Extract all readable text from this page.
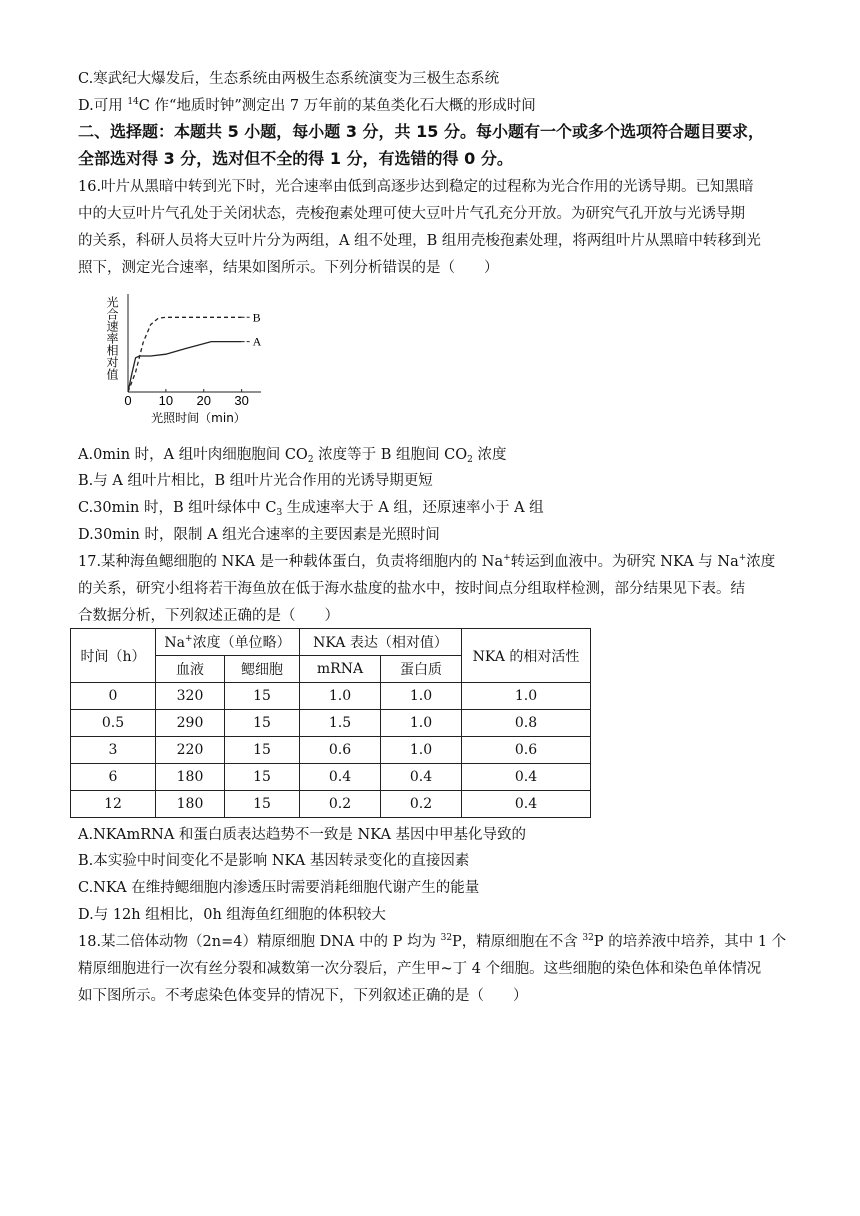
C.寒武纪大爆发后，生态系统由两极生态系统演变为三极生态系统
D.可用 $^{14}$C 作“地质时钟”测定出 7 万年前的某鱼类化石大概的形成时间
二、选择题：本题共 5 小题，每小题 3 分，共 15 分。每小题有一个或多个选项符合题目要求，
全部选对得 3 分，选对但不全的得 1 分，有选错的得 0 分。
16.叶片从黑暗中转到光下时，光合速率由低到高逐步达到稳定的过程称为光合作用的光诱导期。已知黑暗
中的大豆叶片气孔处于关闭状态，壳梭孢素处理可使大豆叶片气孔充分开放。为研究气孔开放与光诱导期
的关系，科研人员将大豆叶片分为两组，A 组不处理，B 组用壳梭孢素处理，将两组叶片从黑暗中转移到光
照下，测定光合速率，结果如图所示。下列分析错误的是（　　）
0 10 20 30
光合速率相对值
光照时间（min）
A
B
A.0min 时，A 组叶肉细胞胞间 $CO_2$ 浓度等于 B 组胞间 $CO_2$ 浓度
B.与 A 组叶片相比，B 组叶片光合作用的光诱导期更短
C.30min 时，B 组叶绿体中 $C_3$ 生成速率大于 A 组，还原速率小于 A 组
D.30min 时，限制 A 组光合速率的主要因素是光照时间
17.某种海鱼鳃细胞的 NKA 是一种载体蛋白，负责将细胞内的 Na+转运到血液中。为研究 NKA 与 Na+浓度
的关系，研究小组将若干海鱼放在低于海水盐度的盐水中，按时间点分组取样检测，部分结果见下表。结
合数据分析，下列叙述正确的是（　　）
时间（h）	Na+浓度（单位略）		NKA 表达（相对值）		NKA 的相对活性
	血液	鳃细胞	mRNA	蛋白质	
0	320	15	1.0	1.0	1.0
0.5	290	15	1.5	1.0	0.8
3	220	15	0.6	1.0	0.6
6	180	15	0.4	0.4	0.4
12	180	15	0.2	0.2	0.4
A.NKAmRNA 和蛋白质表达趋势不一致是 NKA 基因中甲基化导致的
B.本实验中时间变化不是影响 NKA 基因转录变化的直接因素
C.NKA 在维持鳃细胞内渗透压时需要消耗细胞代谢产生的能量
D.与 12h 组相比，0h 组海鱼红细胞的体积较大
18.某二倍体动物（2n=4）精原细胞 DNA 中的 P 均为 $^{32}$P，精原细胞在不含 $^{32}$P 的培养液中培养，其中 1 个
精原细胞进行一次有丝分裂和减数第一次分裂后，产生甲~丁 4 个细胞。这些细胞的染色体和染色单体情况
如下图所示。不考虑染色体变异的情况下，下列叙述正确的是（　　）
